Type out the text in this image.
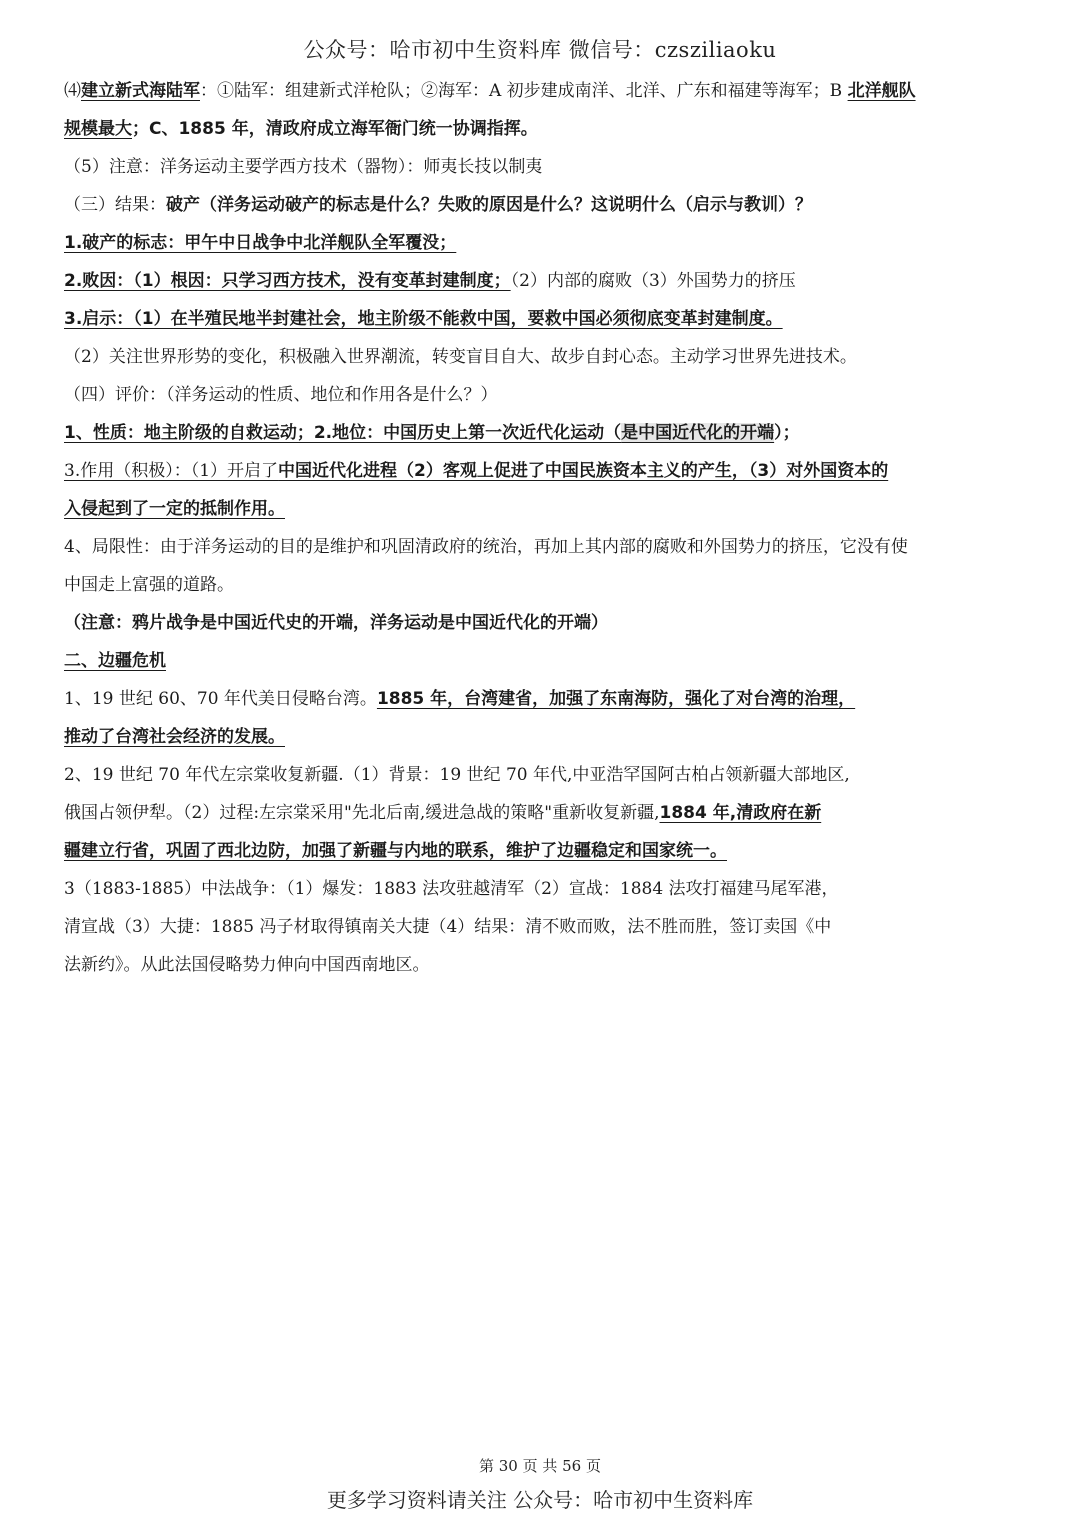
公众号：哈市初中生资料库 微信号：czsziliaoku
⑷建立新式海陆军：①陆军：组建新式洋枪队；②海军：A 初步建成南洋、北洋、广东和福建等海军；B 北洋舰队
规模最大；C、1885 年，清政府成立海军衙门统一协调指挥。
（5）注意：洋务运动主要学西方技术（器物）：师夷长技以制夷
（三）结果：破产（洋务运动破产的标志是什么？失败的原因是什么？这说明什么（启示与教训）？
1.破产的标志：甲午中日战争中北洋舰队全军覆没；
2.败因：（1）根因：只学习西方技术，没有变革封建制度；（2）内部的腐败（3）外国势力的挤压
3.启示：（1）在半殖民地半封建社会，地主阶级不能救中国，要救中国必须彻底变革封建制度。
（2）关注世界形势的变化，积极融入世界潮流，转变盲目自大、故步自封心态。主动学习世界先进技术。
（四）评价：（洋务运动的性质、地位和作用各是什么？）
1、性质：地主阶级的自救运动；2.地位：中国历史上第一次近代化运动（是中国近代化的开端）；
3.作用（积极）：（1）开启了中国近代化进程（2）客观上促进了中国民族资本主义的产生，（3）对外国资本的
入侵起到了一定的抵制作用。
4、局限性：由于洋务运动的目的是维护和巩固清政府的统治，再加上其内部的腐败和外国势力的挤压，它没有使
中国走上富强的道路。
（注意：鸦片战争是中国近代史的开端，洋务运动是中国近代化的开端）
二、边疆危机
1、19 世纪 60、70 年代美日侵略台湾。1885 年，台湾建省，加强了东南海防，强化了对台湾的治理，
推动了台湾社会经济的发展。
2、19 世纪 70 年代左宗棠收复新疆.（1）背景：19 世纪 70 年代,中亚浩罕国阿古柏占领新疆大部地区,
俄国占领伊犁。（2）过程:左宗棠采用"先北后南,缓进急战的策略"重新收复新疆,1884 年,清政府在新
疆建立行省，巩固了西北边防，加强了新疆与内地的联系，维护了边疆稳定和国家统一。
3（1883-1885）中法战争：（1）爆发：1883 法攻驻越清军（2）宣战：1884 法攻打福建马尾军港，
清宣战（3）大捷：1885 冯子材取得镇南关大捷（4）结果：清不败而败，法不胜而胜，签订卖国《中
法新约》。从此法国侵略势力伸向中国西南地区。
第 30 页 共 56 页
更多学习资料请关注 公众号：哈市初中生资料库
